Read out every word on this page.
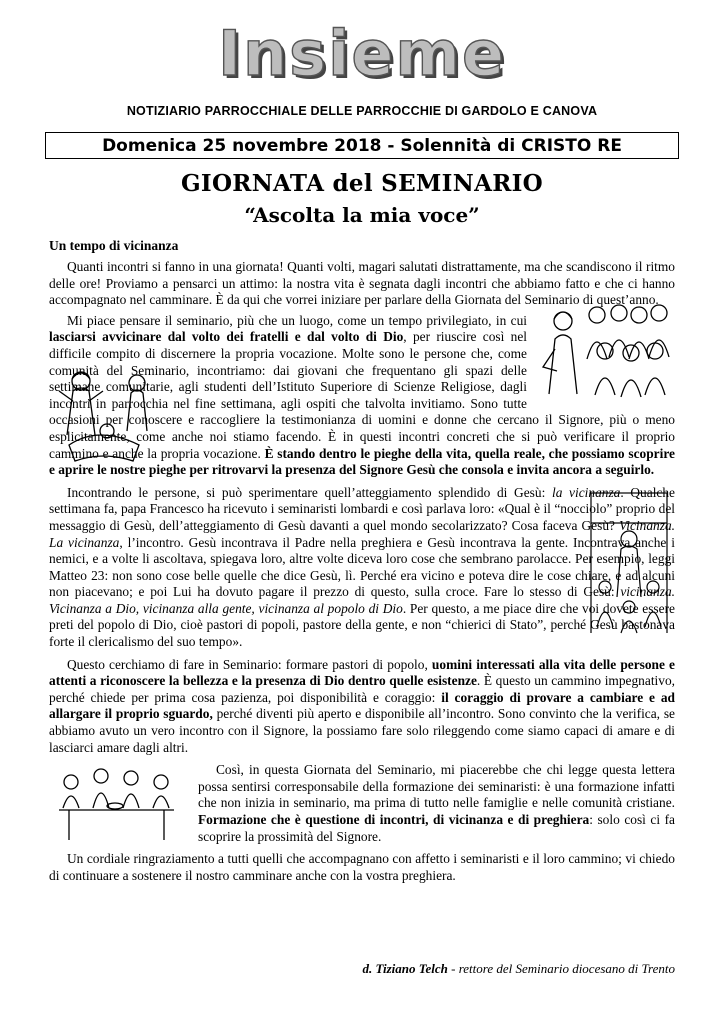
Insieme
NOTIZIARIO PARROCCHIALE DELLE PARROCCHIE DI GARDOLO E CANOVA
Domenica 25 novembre 2018 - Solennità di CRISTO RE
GIORNATA del SEMINARIO
“Ascolta la mia voce”
Un tempo di vicinanza

Quanti incontri si fanno in una giornata! Quanti volti, magari salutati distrattamente, ma che scandiscono il ritmo delle ore! Proviamo a pensarci un attimo: la nostra vita è segnata dagli incontri che abbiamo fatto e che ci hanno accompagnato nel camminare. È da qui che vorrei iniziare per parlare della Giornata del Seminario di quest’anno.

Mi piace pensare il seminario, più che un luogo, come un tempo privilegiato, in cui lasciarsi avvicinare dal volto dei fratelli e dal volto di Dio, per riuscire così nel difficile compito di discernere la propria vocazione. Molte sono le persone che, come comunità del Seminario, incontriamo: dai giovani che frequentano gli spazi delle settimane comunitarie, agli studenti dell’Istituto Superiore di Scienze Religiose, dagli incontri in parrocchia nel fine settimana, agli ospiti che talvolta invitiamo. Sono tutte occasioni per conoscere e raccogliere la testimonianza di uomini e donne che cercano il Signore, più o meno esplicitamente, come anche noi stiamo facendo. È in questi incontri concreti che si può verificare il proprio cammino e anche la propria vocazione. È stando dentro le pieghe della vita, quella reale, che possiamo scoprire e aprire le nostre pieghe per ritrovarvi la presenza del Signore Gesù che consola e invita ancora a seguirlo.

Incontrando le persone, si può sperimentare quell’atteggiamento splendido di Gesù: la vicinanza. Qualche settimana fa, papa Francesco ha ricevuto i seminaristi lombardi e così parlava loro: «Qual è il “nocciolo” proprio del messaggio di Gesù, dell’atteggiamento di Gesù davanti a quel mondo secolarizzato? Cosa faceva Gesù? Vicinanza. La vicinanza, l’incontro. Gesù incontrava il Padre nella preghiera e Gesù incontrava la gente. Incontrava anche i nemici, e a volte li ascoltava, spiegava loro, altre volte diceva loro cose che sembrano parolacce. Per esempio, leggi Matteo 23: non sono cose belle quelle che dice Gesù, lì. Perché era vicino e poteva dire le cose chiare, e ad alcuni non piacevano; e poi Lui ha dovuto pagare il prezzo di questo, sulla croce. Fare lo stesso di Gesù: vicinanza. Vicinanza a Dio, vicinanza alla gente, vicinanza al popolo di Dio. Per questo, a me piace dire che voi dovete essere preti del popolo di Dio, cioè pastori di popoli, pastore della gente, e non “chierici di Stato”, perché Gesù bastonava forte il clericalismo del suo tempo».

Questo cerchiamo di fare in Seminario: formare pastori di popolo, uomini interessati alla vita delle persone e attenti a riconoscere la bellezza e la presenza di Dio dentro quelle esistenze. È questo un cammino impegnativo, perché chiede per prima cosa pazienza, poi disponibilità e coraggio: il coraggio di provare a cambiare e ad allargare il proprio sguardo, perché diventi più aperto e disponibile all’incontro. Sono convinto che la verifica, se abbiamo avuto un vero incontro con il Signore, la possiamo fare solo rileggendo come siamo capaci di amare e di lasciarci amare dagli altri.

Così, in questa Giornata del Seminario, mi piacerebbe che chi legge questa lettera possa sentirsi corresponsabile della formazione dei seminaristi: è una formazione infatti che non inizia in seminario, ma prima di tutto nelle famiglie e nelle comunità cristiane. Formazione che è questione di incontri, di vicinanza e di preghiera: solo così ci fa scoprire la prossimità del Signore.

Un cordiale ringraziamento a tutti quelli che accompagnano con affetto i seminaristi e il loro cammino; vi chiedo di continuare a sostenere il nostro camminare anche con la vostra preghiera.

d. Tiziano Telch - rettore del Seminario diocesano di Trento
